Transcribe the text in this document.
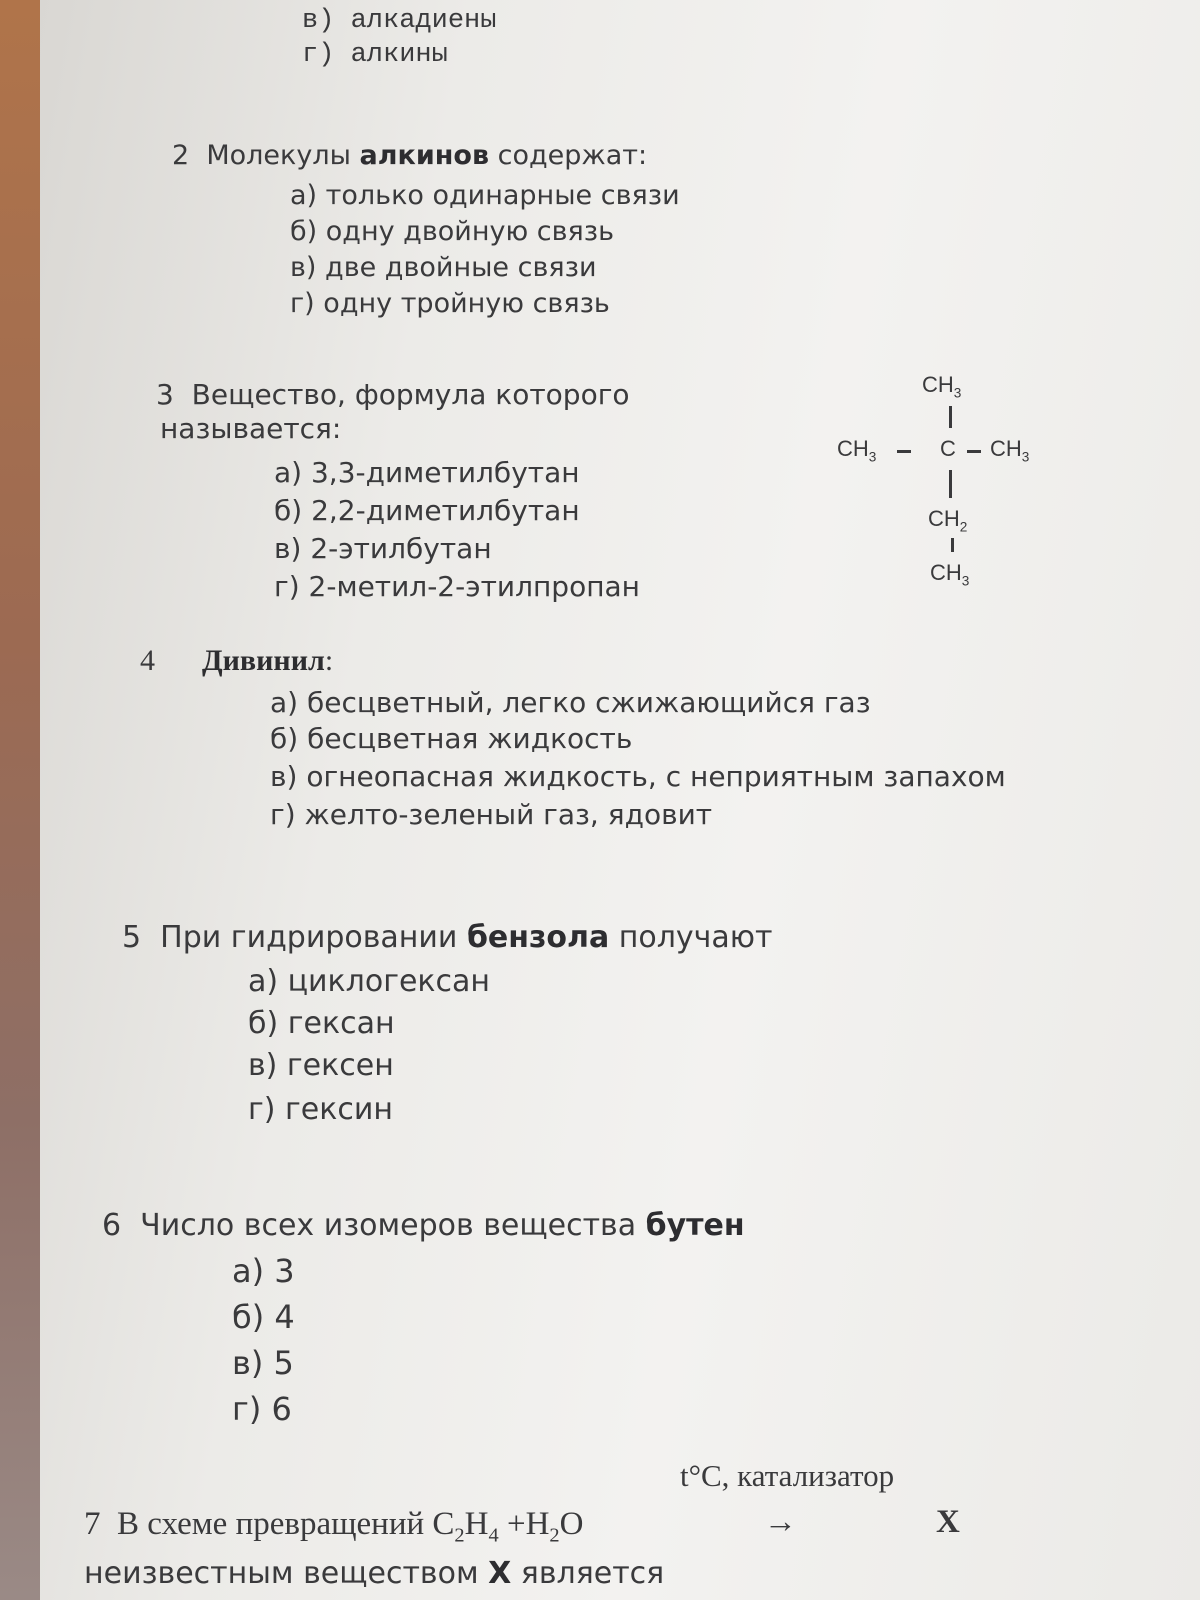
в) алкадиены
г) алкины
2 Молекулы алкинов содержат:
а) только одинарные связи
б) одну двойную связь
в) две двойные связи
г) одну тройную связь
3 Вещество, формула которого
называется:
а) 3,3-диметилбутан
б) 2,2-диметилбутан
в) 2-этилбутан
г) 2-метил-2-этилпропан
$CH_3$
$CH_3$	C $CH_3$
$CH_2$
$CH_3$
4 Дивинил:
а) бесцветный, легко сжижающийся газ
б) бесцветная жидкость
в) огнеопасная жидкость, с неприятным запахом
г) желто-зеленый газ, ядовит
5 При гидрировании бензола получают
а) циклогексан
б) гексан
в) гексен
г) гексин
6 Число всех изомеров вещества бутен
а) 3
б) 4
в) 5
г) 6
t°C, катализатор
7 В схеме превращений $C_2H_4 +H_2O$	→	X
неизвестным веществом X является
